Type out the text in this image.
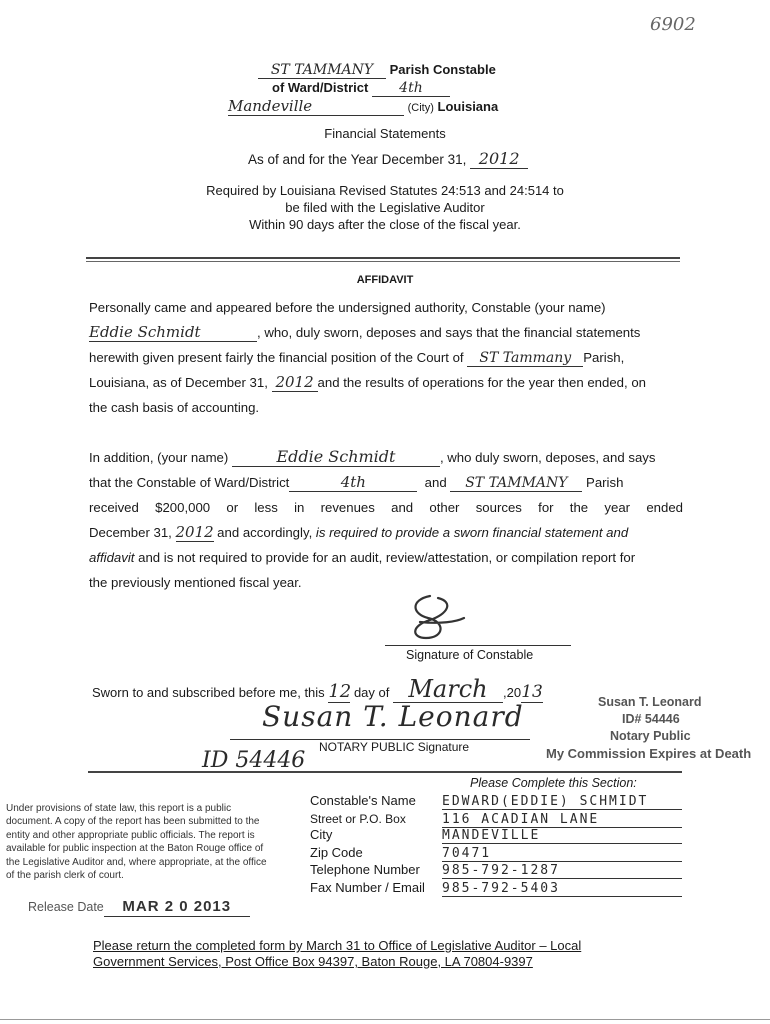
6902
ST TAMMANY Parish Constable
of Ward/District 4th
Mandeville	(City) Louisiana
Financial Statements
As of and for the Year December 31, 2012
Required by Louisiana Revised Statutes 24:513 and 24:514 to
be filed with the Legislative Auditor
Within 90 days after the close of the fiscal year.
AFFIDAVIT
Personally came and appeared before the undersigned authority, Constable (your name)
Eddie Schmidt	, who, duly sworn, deposes and says that the financial statements
herewith given present fairly the financial position of the Court of ST Tammany Parish,
Louisiana, as of December 31, 2012 and the results of operations for the year then ended, on
the cash basis of accounting.
In addition, (your name)	Eddie Schmidt	, who duly sworn, deposes, and says
that the Constable of Ward/District	4th	and ST TAMMANY Parish
received $200,000 or less in revenues and other sources for the year ended
December 31, 2012 and accordingly, is required to provide a sworn financial statement and
affidavit and is not required to provide for an audit, review/attestation, or compilation report for
the previously mentioned fiscal year.
Signature of Constable
Sworn to and subscribed before me, this 12 day of March ,2013
Susan T. Leonard
NOTARY PUBLIC Signature
ID 54446
Susan T. Leonard
ID# 54446
Notary Public
My Commission Expires at Death
Please Complete this Section:
Under provisions of state law, this report is a public document. A copy of the report has been submitted to the entity and other appropriate public officials. The report is available for public inspection at the Baton Rouge office of the Legislative Auditor and, where appropriate, at the office of the parish clerk of court.
Constable's Name EDWARD(EDDIE) SCHMIDT
Street or P.O. Box	116 ACADIAN LANE
City	MANDEVILLE
Zip Code	70471
Telephone Number 985-792-1287
Fax Number / Email 985-792-5403
Release Date MAR 2 0 2013
Please return the completed form by March 31 to Office of Legislative Auditor – Local
Government Services, Post Office Box 94397, Baton Rouge, LA 70804-9397
